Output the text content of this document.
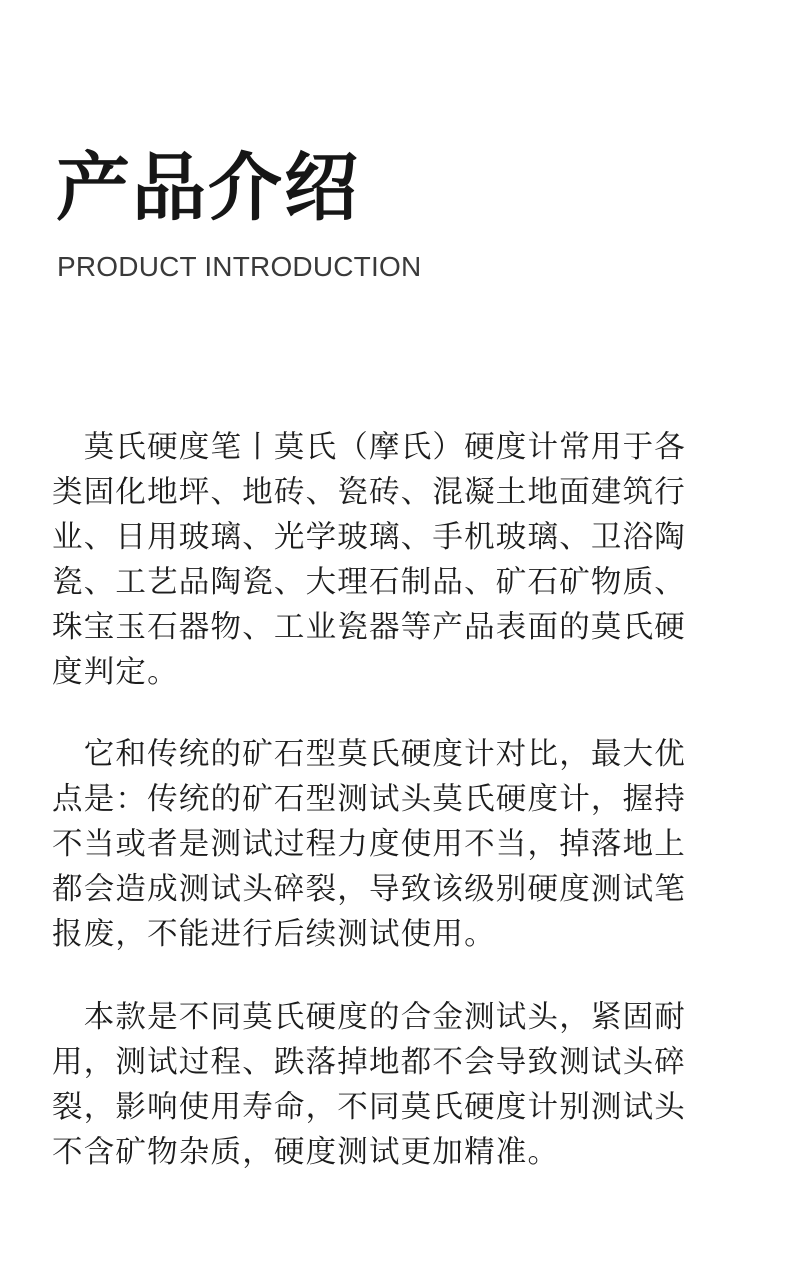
产品介绍
PRODUCT INTRODUCTION

　莫氏硬度笔丨莫氏（摩氏）硬度计常用于各
类固化地坪、地砖、瓷砖、混凝土地面建筑行
业、日用玻璃、光学玻璃、手机玻璃、卫浴陶
瓷、工艺品陶瓷、大理石制品、矿石矿物质、
珠宝玉石器物、工业瓷器等产品表面的莫氏硬
度判定。

　它和传统的矿石型莫氏硬度计对比，最大优
点是：传统的矿石型测试头莫氏硬度计，握持
不当或者是测试过程力度使用不当，掉落地上
都会造成测试头碎裂，导致该级别硬度测试笔
报废，不能进行后续测试使用。

　本款是不同莫氏硬度的合金测试头，紧固耐
用，测试过程、跌落掉地都不会导致测试头碎
裂，影响使用寿命，不同莫氏硬度计别测试头
不含矿物杂质，硬度测试更加精准。
